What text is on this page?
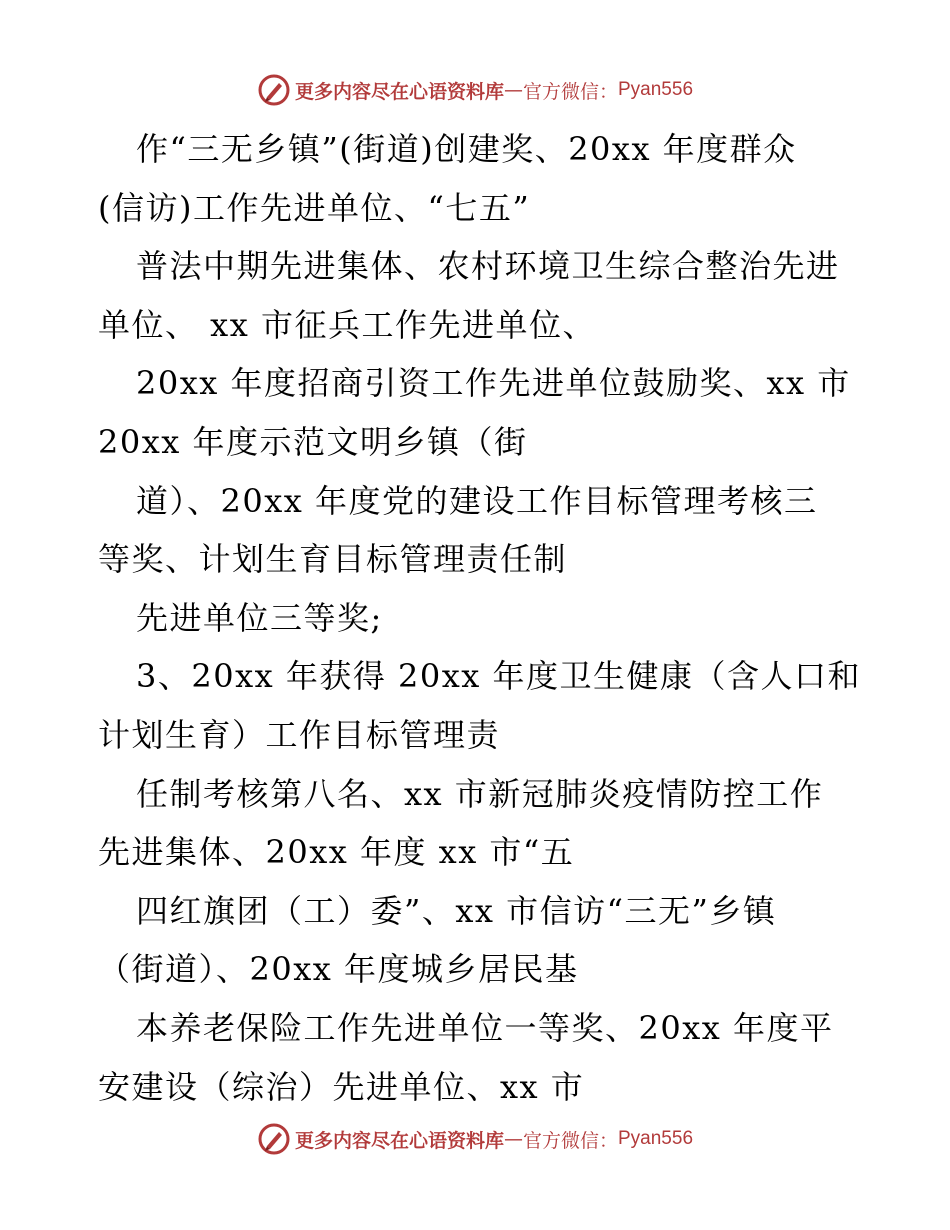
更多内容尽在心语资料库 — 官方微信： Pyan556
作“三无乡镇”(街道)创建奖、20xx 年度群众
(信访)工作先进单位、“七五”
普法中期先进集体、农村环境卫生综合整治先进
单位、 xx 市征兵工作先进单位、
20xx 年度招商引资工作先进单位鼓励奖、xx 市
20xx 年度示范文明乡镇（街
道）、20xx 年度党的建设工作目标管理考核三
等奖、计划生育目标管理责任制
先进单位三等奖;
3、20xx 年获得 20xx 年度卫生健康（含人口和
计划生育）工作目标管理责
任制考核第八名、xx 市新冠肺炎疫情防控工作
先进集体、20xx 年度 xx 市“五
四红旗团（工）委”、xx 市信访“三无”乡镇
（街道）、20xx 年度城乡居民基
本养老保险工作先进单位一等奖、20xx 年度平
安建设（综治）先进单位、xx 市
更多内容尽在心语资料库 — 官方微信： Pyan556
